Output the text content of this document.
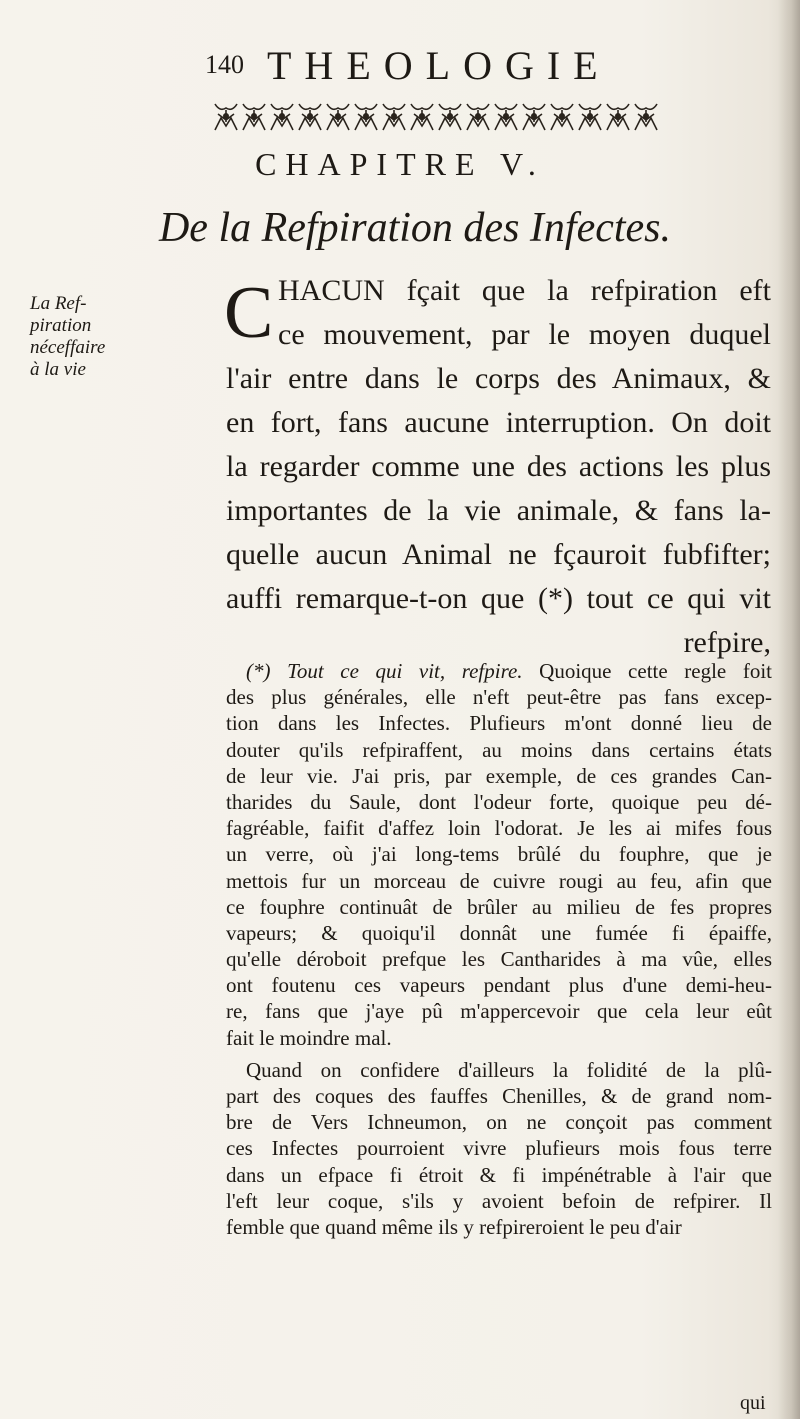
140 THEOLOGIE
CHAPITRE V.
De la Refpiration des Infectes.
La Ref-
piration
néceffaire
à la vie
C HACUN fçait que la refpiration eft
ce mouvement, par le moyen duquel
l'air entre dans le corps des Animaux, &
en fort, fans aucune interruption. On doit
la regarder comme une des actions les plus
importantes de la vie animale, & fans la-
quelle aucun Animal ne fçauroit fubfifter;
auffi remarque-t-on que (*) tout ce qui vit
refpire,
(*) Tout ce qui vit, refpire. Quoique cette regle foit
des plus générales, elle n'eft peut-être pas fans excep-
tion dans les Infectes. Plufieurs m'ont donné lieu de
douter qu'ils refpiraffent, au moins dans certains états
de leur vie. J'ai pris, par exemple, de ces grandes Can-
tharides du Saule, dont l'odeur forte, quoique peu dé-
fagréable, faifit d'affez loin l'odorat. Je les ai mifes fous
un verre, où j'ai long-tems brûlé du fouphre, que je
mettois fur un morceau de cuivre rougi au feu, afin que
ce fouphre continuât de brûler au milieu de fes propres
vapeurs; & quoiqu'il donnât une fumée fi épaiffe,
qu'elle déroboit prefque les Cantharides à ma vûe, elles
ont foutenu ces vapeurs pendant plus d'une demi-heu-
re, fans que j'aye pû m'appercevoir que cela leur eût
fait le moindre mal.
Quand on confidere d'ailleurs la folidité de la plû-
part des coques des fauffes Chenilles, & de grand nom-
bre de Vers Ichneumon, on ne conçoit pas comment
ces Infectes pourroient vivre plufieurs mois fous terre
dans un efpace fi étroit & fi impénétrable à l'air que
l'eft leur coque, s'ils y avoient befoin de refpirer. Il
femble que quand même ils y refpireroient le peu d'air
qui
